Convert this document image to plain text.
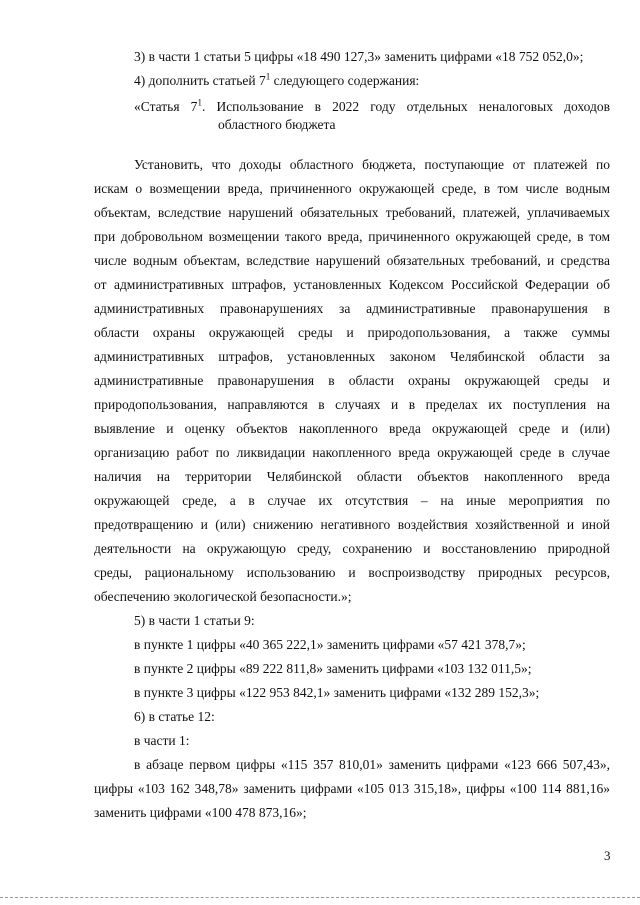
3) в части 1 статьи 5 цифры «18 490 127,3» заменить цифрами «18 752 052,0»;
4) дополнить статьей $7^1$ следующего содержания:
«Статья $7^1$. Использование в 2022 году отдельных неналоговых доходов
областного бюджета
Установить, что доходы областного бюджета, поступающие от платежей по
искам о возмещении вреда, причиненного окружающей среде, в том числе водным
объектам, вследствие нарушений обязательных требований, платежей, уплачиваемых
при добровольном возмещении такого вреда, причиненного окружающей среде, в том
числе водным объектам, вследствие нарушений обязательных требований, и средства
от административных штрафов, установленных Кодексом Российской Федерации об
административных правонарушениях за административные правонарушения в
области охраны окружающей среды и природопользования, а также суммы
административных штрафов, установленных законом Челябинской области за
административные правонарушения в области охраны окружающей среды и
природопользования, направляются в случаях и в пределах их поступления на
выявление и оценку объектов накопленного вреда окружающей среде и (или)
организацию работ по ликвидации накопленного вреда окружающей среде в случае
наличия на территории Челябинской области объектов накопленного вреда
окружающей среде, а в случае их отсутствия – на иные мероприятия по
предотвращению и (или) снижению негативного воздействия хозяйственной и иной
деятельности на окружающую среду, сохранению и восстановлению природной
среды, рациональному использованию и воспроизводству природных ресурсов,
обеспечению экологической безопасности.»;
5) в части 1 статьи 9:
в пункте 1 цифры «40 365 222,1» заменить цифрами «57 421 378,7»;
в пункте 2 цифры «89 222 811,8» заменить цифрами «103 132 011,5»;
в пункте 3 цифры «122 953 842,1» заменить цифрами «132 289 152,3»;
6) в статье 12:
в части 1:
в абзаце первом цифры «115 357 810,01» заменить цифрами «123 666 507,43»,
цифры «103 162 348,78» заменить цифрами «105 013 315,18», цифры «100 114 881,16»
заменить цифрами «100 478 873,16»;
3
